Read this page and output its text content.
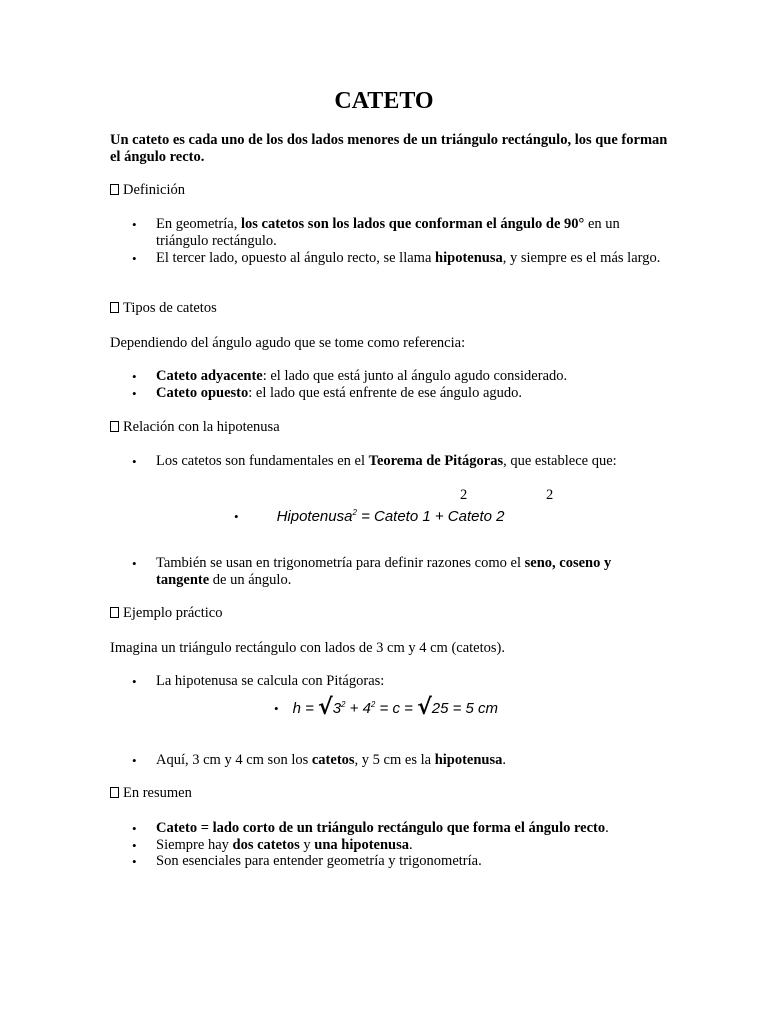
CATETO
Un cateto es cada uno de los dos lados menores de un triángulo rectángulo, los que forman el ángulo recto.
Definición
•	En geometría, los catetos son los lados que conforman el ángulo de 90° en un triángulo rectángulo.
•	El tercer lado, opuesto al ángulo recto, se llama hipotenusa, y siempre es el más largo.
Tipos de catetos
Dependiendo del ángulo agudo que se tome como referencia:
•	Cateto adyacente: el lado que está junto al ángulo agudo considerado.
•	Cateto opuesto: el lado que está enfrente de ese ángulo agudo.
Relación con la hipotenusa
•	Los catetos son fundamentales en el Teorema de Pitágoras, que establece que:
2	2
•	Hipotenusa$^2$ = Cateto 1 + Cateto 2
•	También se usan en trigonometría para definir razones como el seno, coseno y tangente de un ángulo.
Ejemplo práctico
Imagina un triángulo rectángulo con lados de 3 cm y 4 cm (catetos).
•	La hipotenusa se calcula con Pitágoras:
• $h = √3^2 + 4^2 = c = √25 = 5$ cm
•	Aquí, 3 cm y 4 cm son los catetos, y 5 cm es la hipotenusa.
En resumen
•	Cateto = lado corto de un triángulo rectángulo que forma el ángulo recto.
•	Siempre hay dos catetos y una hipotenusa.
•	Son esenciales para entender geometría y trigonometría.
